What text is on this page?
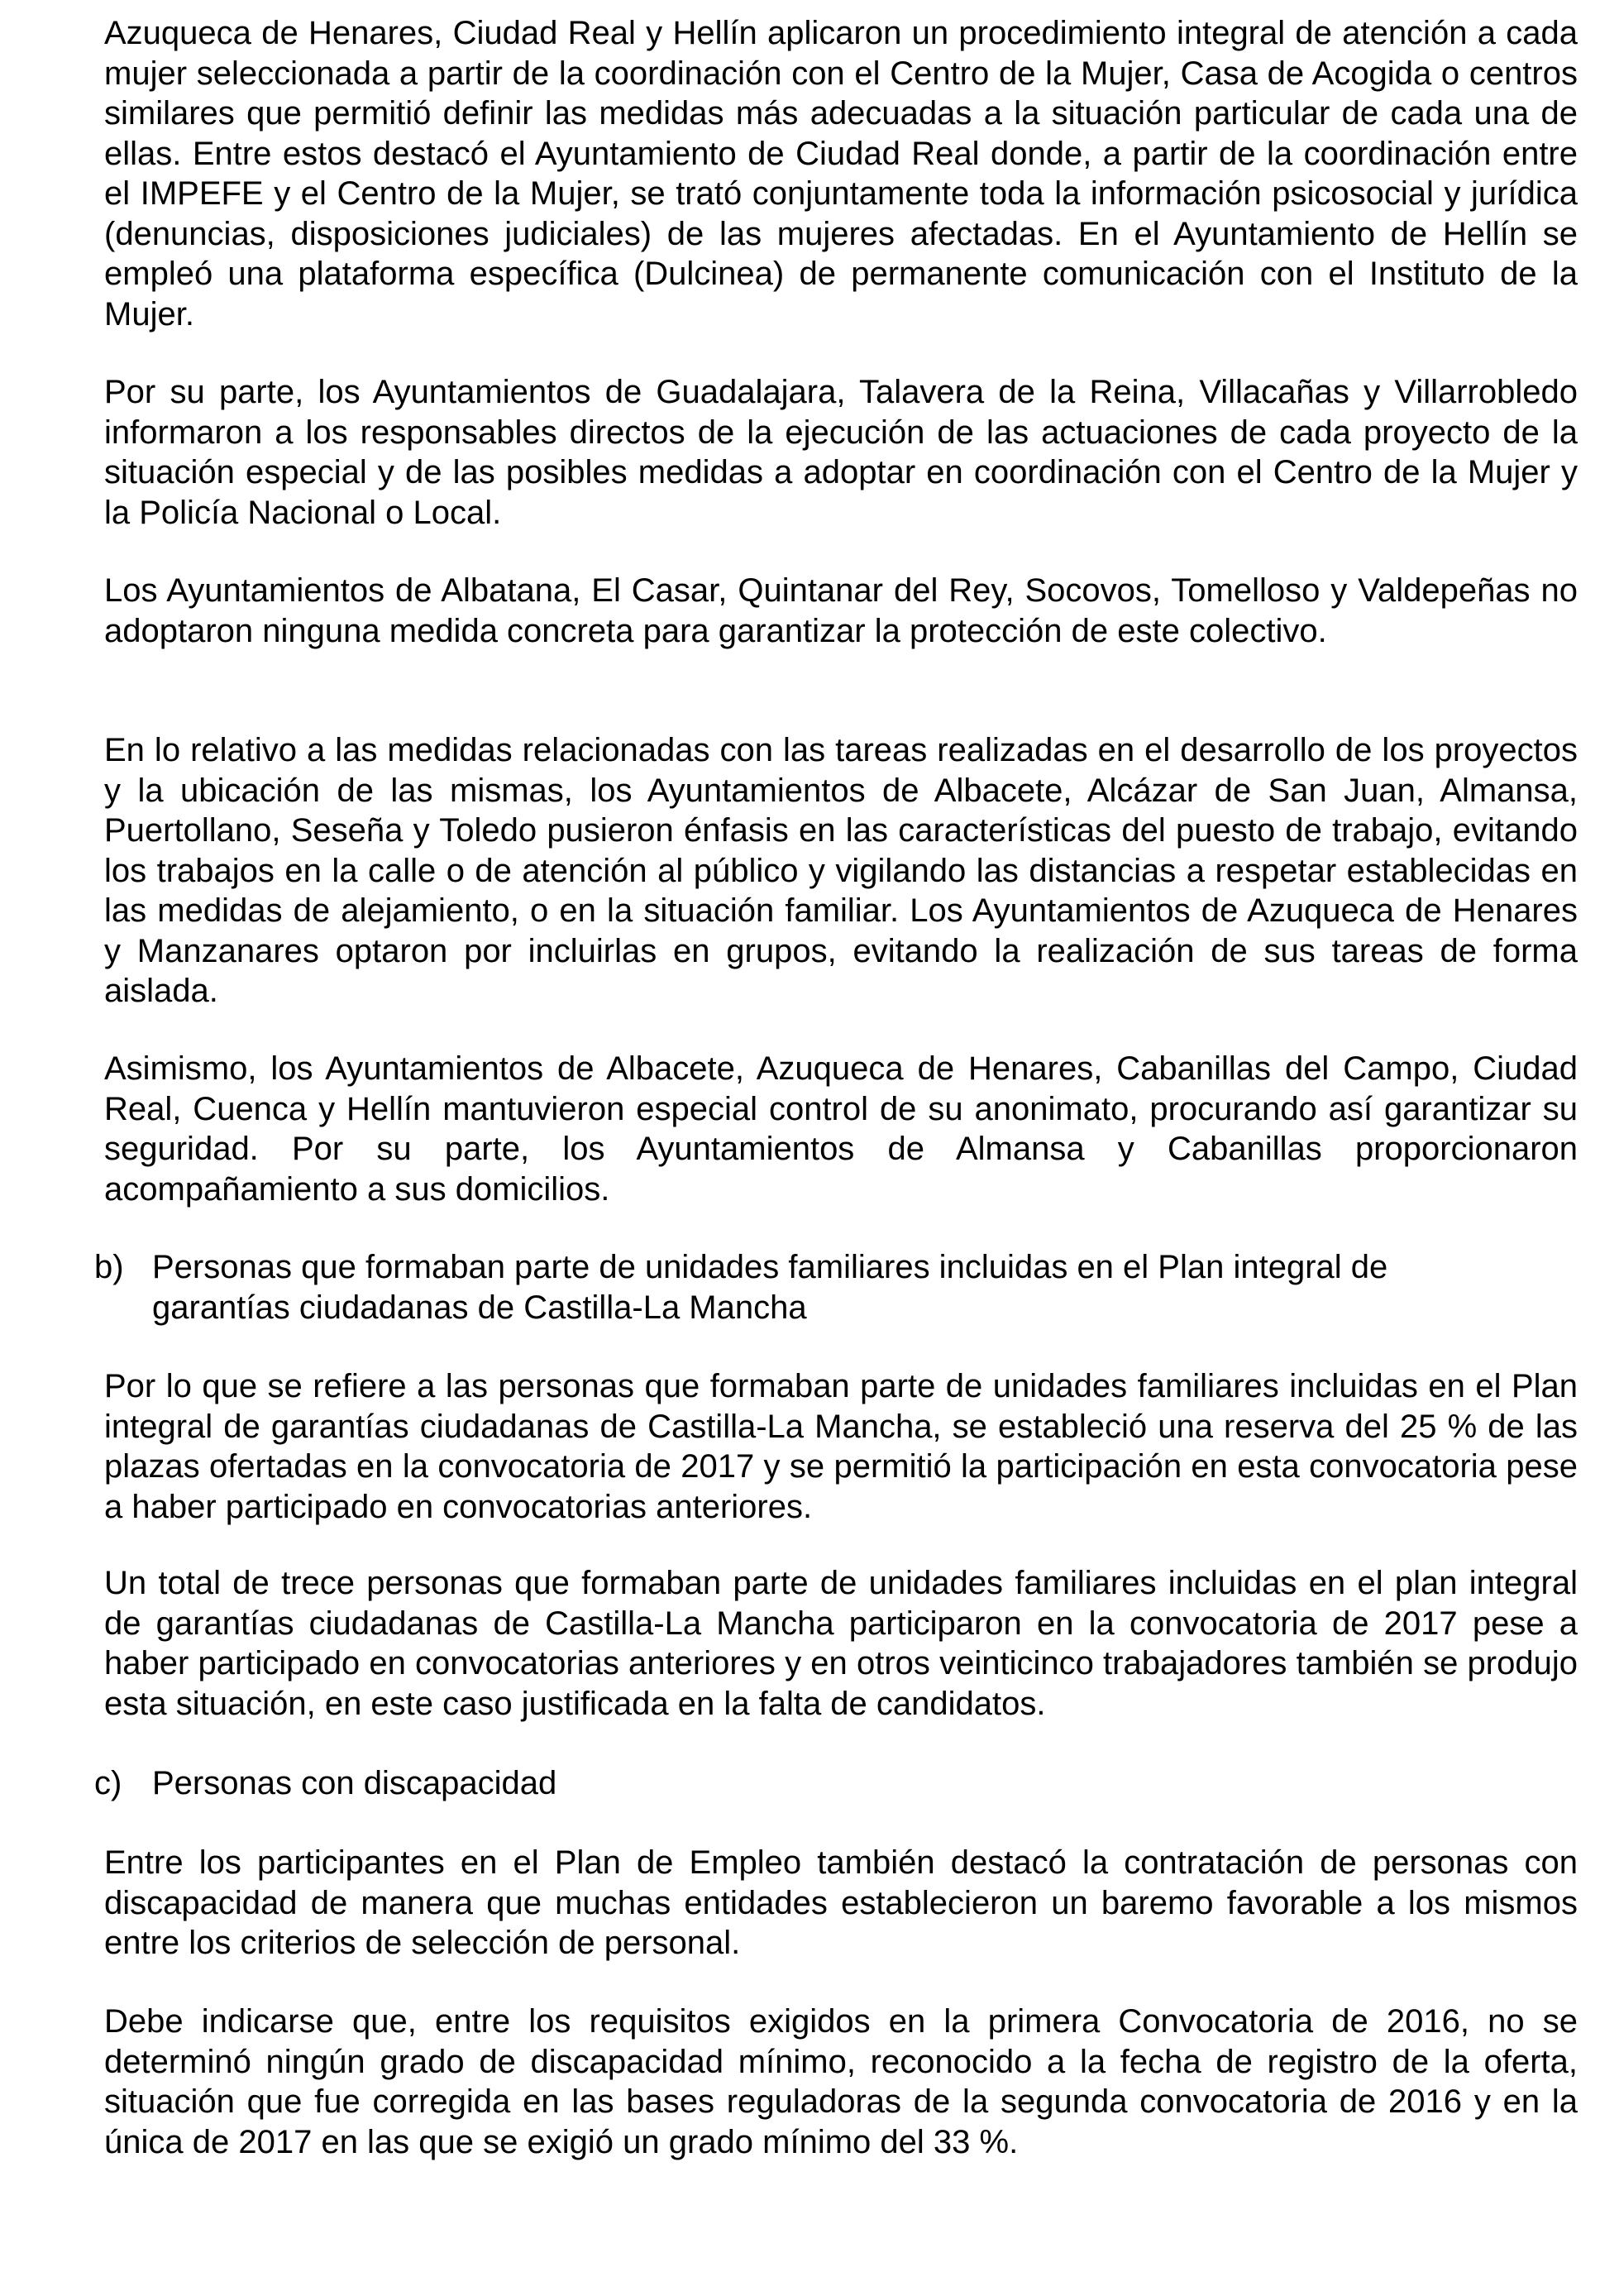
Azuqueca de Henares, Ciudad Real y Hellín aplicaron un procedimiento integral de atención a cada mujer seleccionada a partir de la coordinación con el Centro de la Mujer, Casa de Acogida o centros similares que permitió definir las medidas más adecuadas a la situación particular de cada una de ellas. Entre estos destacó el Ayuntamiento de Ciudad Real donde, a partir de la coordinación entre el IMPEFE y el Centro de la Mujer, se trató conjuntamente toda la información psicosocial y jurídica (denuncias, disposiciones judiciales) de las mujeres afectadas. En el Ayuntamiento de Hellín se empleó una plataforma específica (Dulcinea) de permanente comunicación con el Instituto de la Mujer.

Por su parte, los Ayuntamientos de Guadalajara, Talavera de la Reina, Villacañas y Villarrobledo informaron a los responsables directos de la ejecución de las actuaciones de cada proyecto de la situación especial y de las posibles medidas a adoptar en coordinación con el Centro de la Mujer y la Policía Nacional o Local.

Los Ayuntamientos de Albatana, El Casar, Quintanar del Rey, Socovos, Tomelloso y Valdepeñas no adoptaron ninguna medida concreta para garantizar la protección de este colectivo.

En lo relativo a las medidas relacionadas con las tareas realizadas en el desarrollo de los proyectos y la ubicación de las mismas, los Ayuntamientos de Albacete, Alcázar de San Juan, Almansa, Puertollano, Seseña y Toledo pusieron énfasis en las características del puesto de trabajo, evitando los trabajos en la calle o de atención al público y vigilando las distancias a respetar establecidas en las medidas de alejamiento, o en la situación familiar. Los Ayuntamientos de Azuqueca de Henares y Manzanares optaron por incluirlas en grupos, evitando la realización de sus tareas de forma aislada.

Asimismo, los Ayuntamientos de Albacete, Azuqueca de Henares, Cabanillas del Campo, Ciudad Real, Cuenca y Hellín mantuvieron especial control de su anonimato, procurando así garantizar su seguridad. Por su parte, los Ayuntamientos de Almansa y Cabanillas proporcionaron acompañamiento a sus domicilios.

b) Personas que formaban parte de unidades familiares incluidas en el Plan integral de garantías ciudadanas de Castilla-La Mancha

Por lo que se refiere a las personas que formaban parte de unidades familiares incluidas en el Plan integral de garantías ciudadanas de Castilla-La Mancha, se estableció una reserva del 25 % de las plazas ofertadas en la convocatoria de 2017 y se permitió la participación en esta convocatoria pese a haber participado en convocatorias anteriores.

Un total de trece personas que formaban parte de unidades familiares incluidas en el plan integral de garantías ciudadanas de Castilla-La Mancha participaron en la convocatoria de 2017 pese a haber participado en convocatorias anteriores y en otros veinticinco trabajadores también se produjo esta situación, en este caso justificada en la falta de candidatos.

c) Personas con discapacidad

Entre los participantes en el Plan de Empleo también destacó la contratación de personas con discapacidad de manera que muchas entidades establecieron un baremo favorable a los mismos entre los criterios de selección de personal.

Debe indicarse que, entre los requisitos exigidos en la primera Convocatoria de 2016, no se determinó ningún grado de discapacidad mínimo, reconocido a la fecha de registro de la oferta, situación que fue corregida en las bases reguladoras de la segunda convocatoria de 2016 y en la única de 2017 en las que se exigió un grado mínimo del 33 %.
